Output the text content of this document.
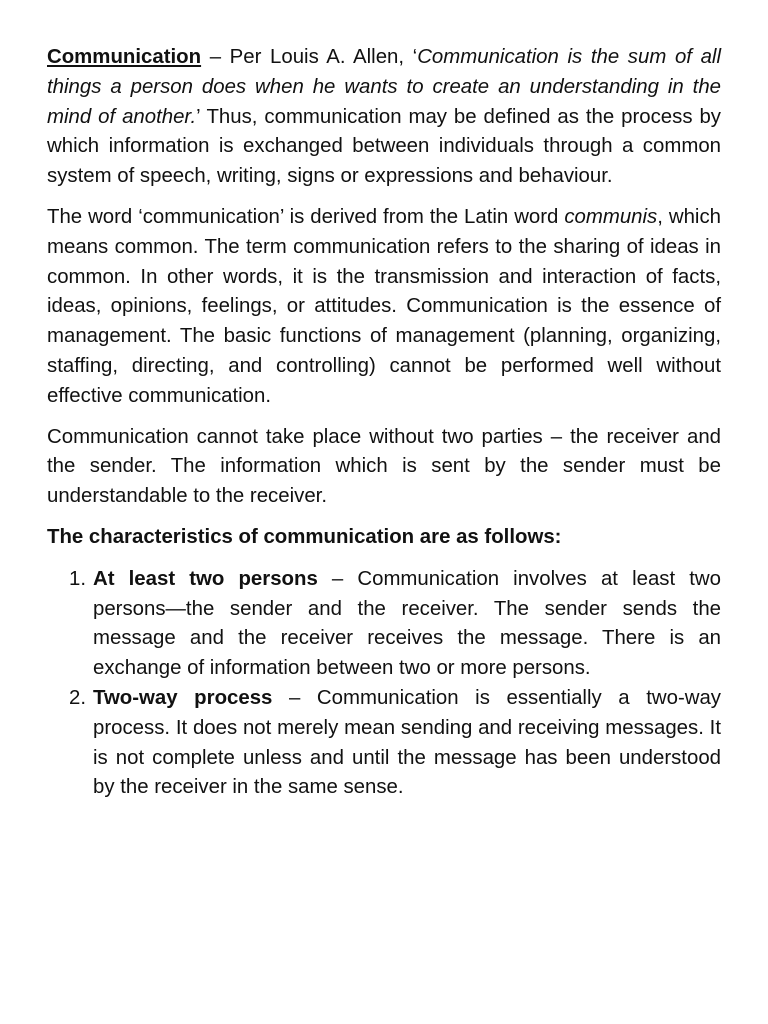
Communication – Per Louis A. Allen, ‘Communication is the sum of all things a person does when he wants to create an understanding in the mind of another.’ Thus, communication may be defined as the process by which information is exchanged between individuals through a common system of speech, writing, signs or expressions and behaviour.

The word ‘communication’ is derived from the Latin word communis, which means common. The term communication refers to the sharing of ideas in common. In other words, it is the transmission and interaction of facts, ideas, opinions, feelings, or attitudes. Communication is the essence of management. The basic functions of management (planning, organizing, staffing, directing, and controlling) cannot be performed well without effective communication.

Communication cannot take place without two parties – the receiver and the sender. The information which is sent by the sender must be understandable to the receiver.

The characteristics of communication are as follows:

1. At least two persons – Communication involves at least two persons—the sender and the receiver. The sender sends the message and the receiver receives the message. There is an exchange of information between two or more persons.
2. Two-way process – Communication is essentially a two-way process. It does not merely mean sending and receiving messages. It is not complete unless and until the message has been understood by the receiver in the same sense.
